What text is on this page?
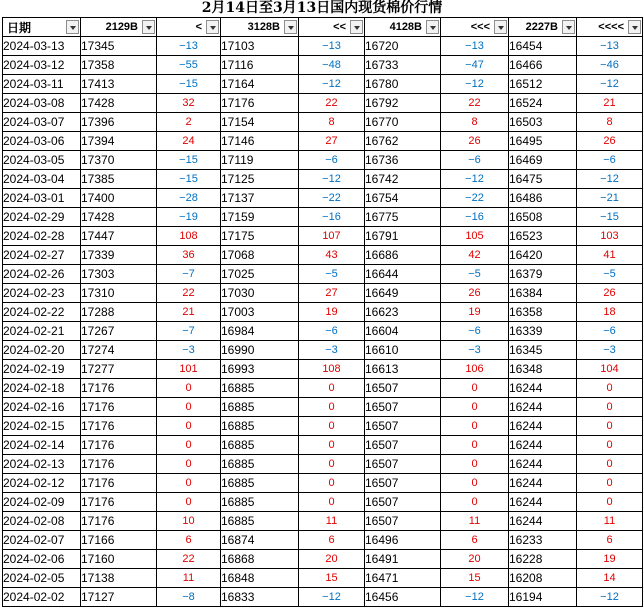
2月14日至3月13日国内现货棉价行情
日期	2129B	<	3128B	<<	4128B	<<<	2227B	<<<<

2024-03-13	17345	−13	17103	−13	16720	−13	16454	−13
2024-03-12	17358	−55	17116	−48	16733	−47	16466	−46
2024-03-11	17413	−15	17164	−12	16780	−12	16512	−12
2024-03-08	17428	32	17176	22	16792	22	16524	21
2024-03-07	17396	2	17154	8	16770	8	16503	8
2024-03-06	17394	24	17146	27	16762	26	16495	26
2024-03-05	17370	−15	17119	−6	16736	−6	16469	−6
2024-03-04	17385	−15	17125	−12	16742	−12	16475	−12
2024-03-01	17400	−28	17137	−22	16754	−22	16486	−21
2024-02-29	17428	−19	17159	−16	16775	−16	16508	−15
2024-02-28	17447	108	17175	107	16791	105	16523	103
2024-02-27	17339	36	17068	43	16686	42	16420	41
2024-02-26	17303	−7	17025	−5	16644	−5	16379	−5
2024-02-23	17310	22	17030	27	16649	26	16384	26
2024-02-22	17288	21	17003	19	16623	19	16358	18
2024-02-21	17267	−7	16984	−6	16604	−6	16339	−6
2024-02-20	17274	−3	16990	−3	16610	−3	16345	−3
2024-02-19	17277	101	16993	108	16613	106	16348	104
2024-02-18	17176	0	16885	0	16507	0	16244	0
2024-02-16	17176	0	16885	0	16507	0	16244	0
2024-02-15	17176	0	16885	0	16507	0	16244	0
2024-02-14	17176	0	16885	0	16507	0	16244	0
2024-02-13	17176	0	16885	0	16507	0	16244	0
2024-02-12	17176	0	16885	0	16507	0	16244	0
2024-02-09	17176	0	16885	0	16507	0	16244	0
2024-02-08	17176	10	16885	11	16507	11	16244	11
2024-02-07	17166	6	16874	6	16496	6	16233	6
2024-02-06	17160	22	16868	20	16491	20	16228	19
2024-02-05	17138	11	16848	15	16471	15	16208	14
2024-02-02	17127	−8	16833	−12	16456	−12	16194	−12
